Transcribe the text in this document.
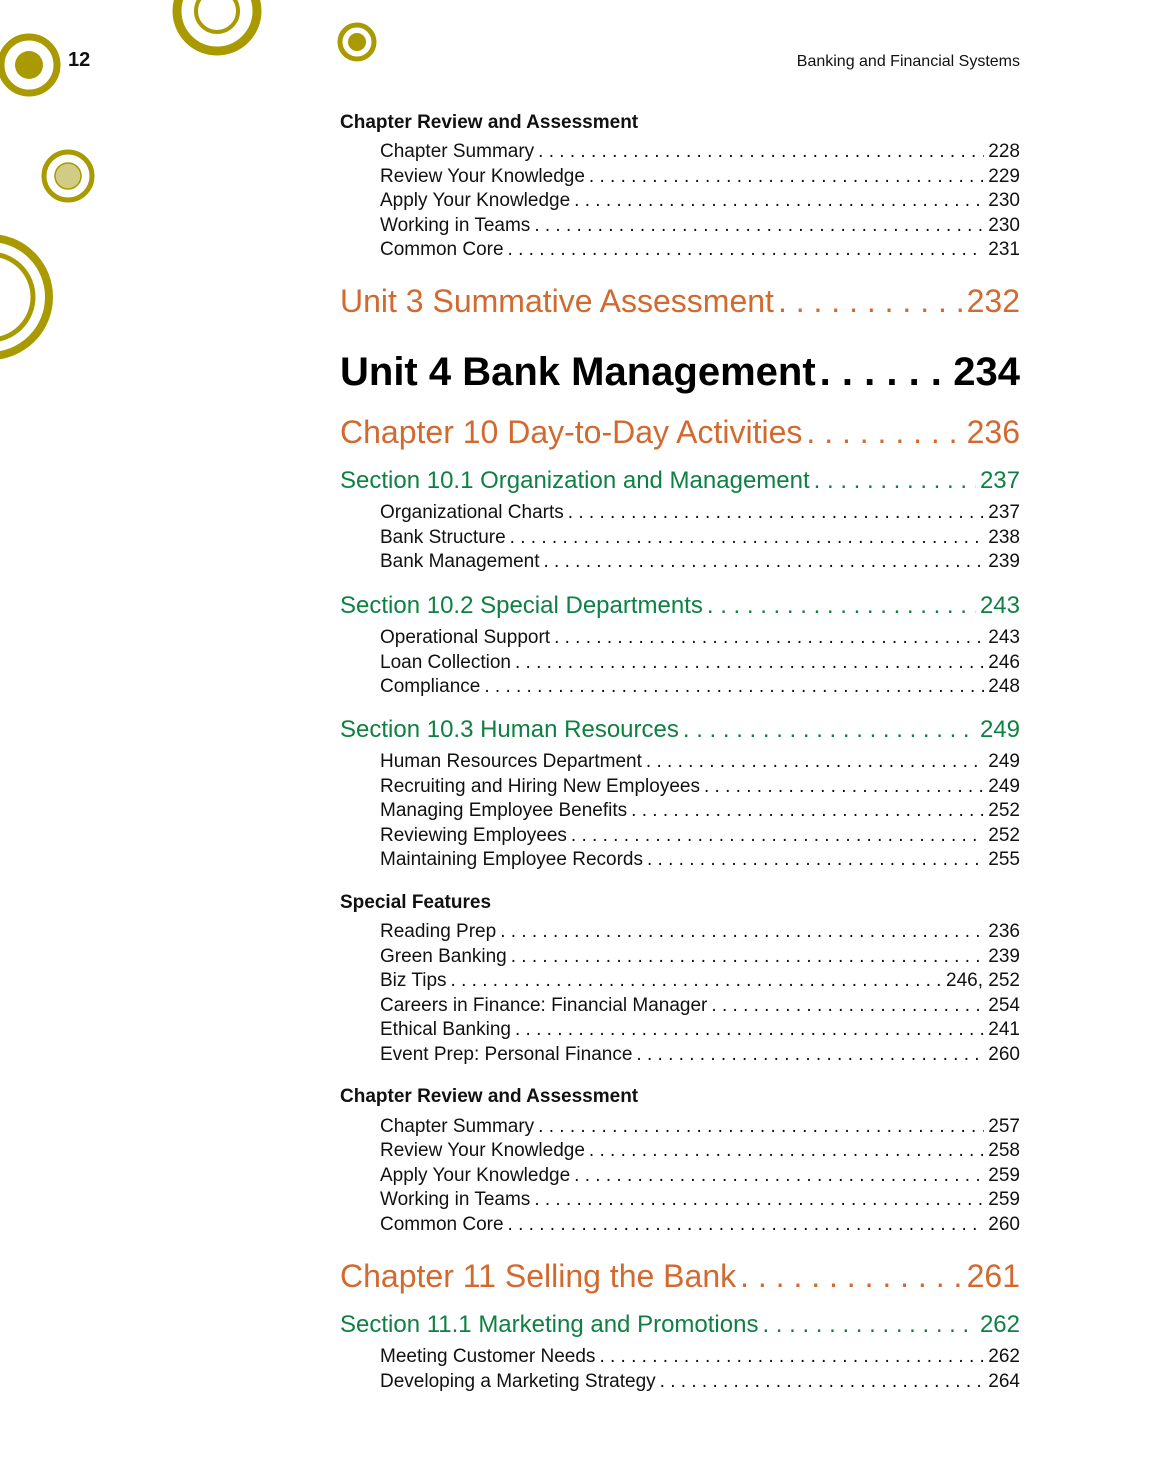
12	Banking and Financial Systems
Chapter Review and Assessment
Chapter Summary . . .	228
Review Your Knowledge . . .	229
Apply Your Knowledge . . .	230
Working in Teams . . .	230
Common Core . . .	231
Unit 3 Summative Assessment . . .	232
Unit 4 Bank Management . . .	234
Chapter 10 Day-to-Day Activities . . .	236
Section 10.1 Organization and Management . . .	237
Organizational Charts . . .	237
Bank Structure . . .	238
Bank Management . . .	239
Section 10.2 Special Departments . . .	243
Operational Support . . .	243
Loan Collection . . .	246
Compliance . . .	248
Section 10.3 Human Resources . . .	249
Human Resources Department . . .	249
Recruiting and Hiring New Employees . . .	249
Managing Employee Benefits . . .	252
Reviewing Employees . . .	252
Maintaining Employee Records . . .	255
Special Features
Reading Prep . . .	236
Green Banking . . .	239
Biz Tips . . .	246, 252
Careers in Finance: Financial Manager . . .	254
Ethical Banking . . .	241
Event Prep: Personal Finance . . .	260
Chapter Review and Assessment
Chapter Summary . . .	257
Review Your Knowledge . . .	258
Apply Your Knowledge . . .	259
Working in Teams . . .	259
Common Core . . .	260
Chapter 11 Selling the Bank . . .	261
Section 11.1 Marketing and Promotions . . .	262
Meeting Customer Needs . . .	262
Developing a Marketing Strategy . . .	264
